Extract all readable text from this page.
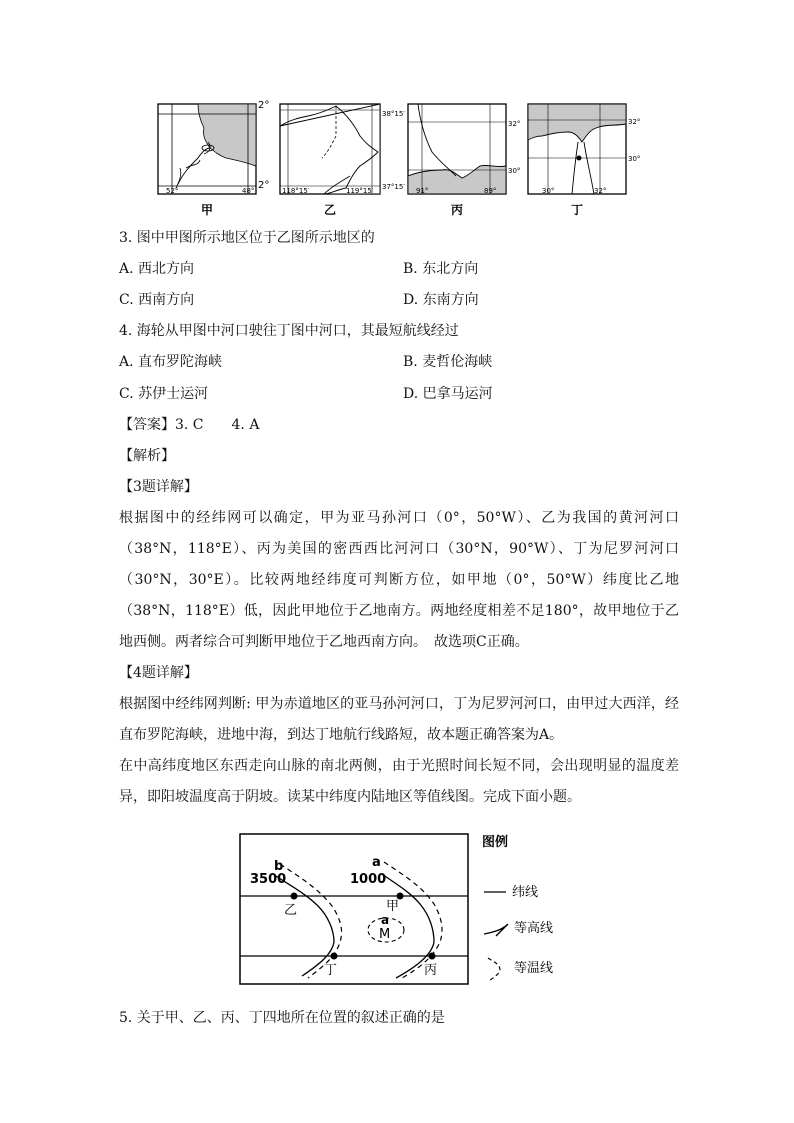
2°
2°
52°	48°
38°15′
37°15′
118°15′	119°15′
32°
30°
91°	89°
32°
30°
30°	32°
甲	乙	丙	丁
3. 图中甲图所示地区位于乙图所示地区的
A. 西北方向	B. 东北方向
C. 西南方向	D. 东南方向
4. 海轮从甲图中河口驶往丁图中河口，其最短航线经过
A. 直布罗陀海峡	B. 麦哲伦海峡
C. 苏伊士运河	D. 巴拿马运河
【答案】3. C　　4. A
【解析】
【3题详解】
根据图中的经纬网可以确定，甲为亚马孙河口（0°，50°W）、乙为我国的黄河河口（38°N，118°E）、丙为美国的密西西比河河口（30°N，90°W）、丁为尼罗河河口（30°N，30°E）。比较两地经纬度可判断方位，如甲地（0°，50°W）纬度比乙地（38°N，118°E）低，因此甲地位于乙地南方。两地经度相差不足180°，故甲地位于乙地西侧。两者综合可判断甲地位于乙地西南方向。　故选项C正确。
【4题详解】
根据图中经纬网判断: 甲为赤道地区的亚马孙河河口，丁为尼罗河河口，由甲过大西洋，经直布罗陀海峡，进地中海，到达丁地航行线路短，故本题正确答案为A。
在中高纬度地区东西走向山脉的南北两侧，由于光照时间长短不同，会出现明显的温度差异，即阳坡温度高于阴坡。读某中纬度内陆地区等值线图。完成下面小题。
b
3500
a
1000
乙	甲
丁	丙
a
M
图例
纬线
等高线
等温线
5. 关于甲、乙、丙、丁四地所在位置的叙述正确的是
